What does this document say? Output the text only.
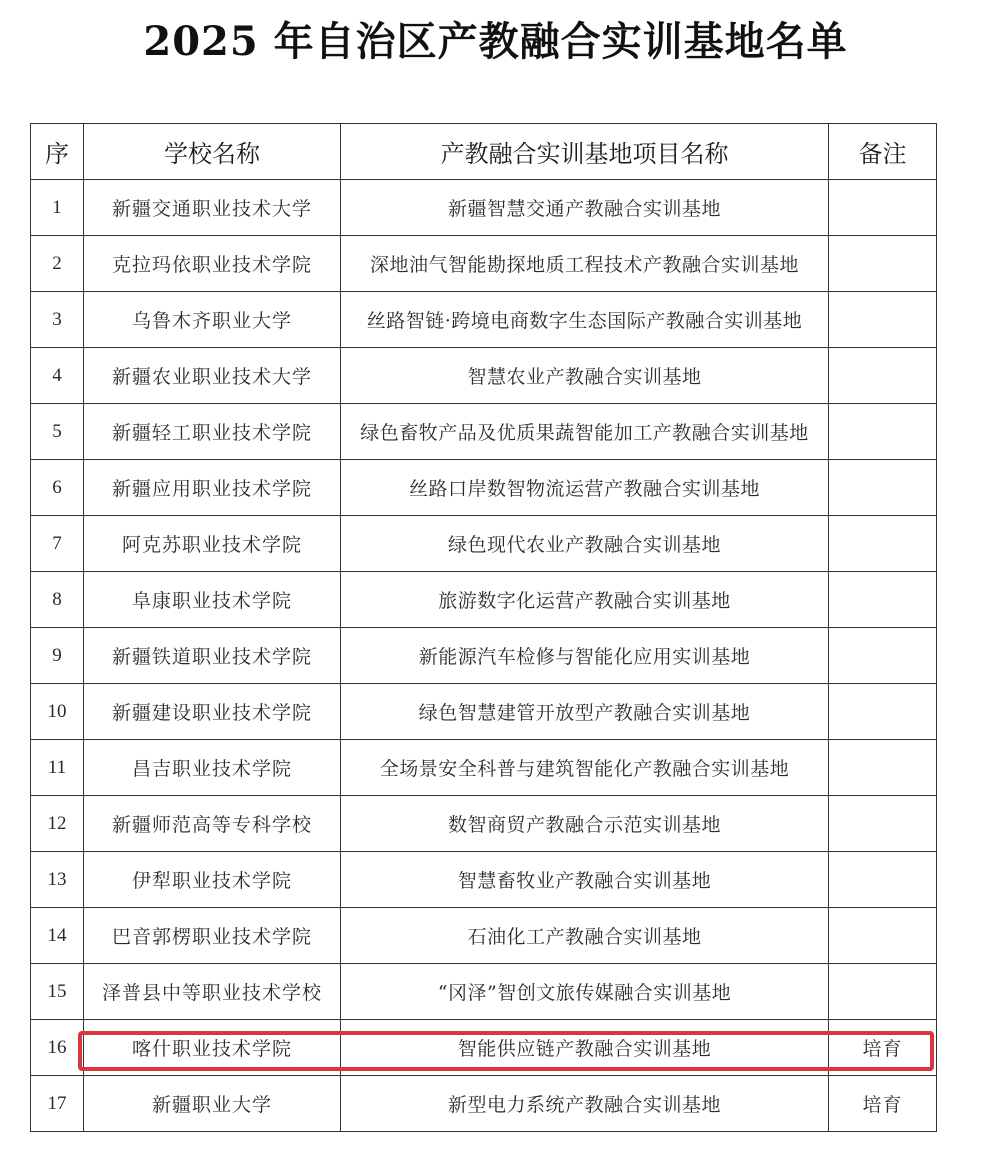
2025 年自治区产教融合实训基地名单
序	学校名称	产教融合实训基地项目名称	备注
1	新疆交通职业技术大学	新疆智慧交通产教融合实训基地	
2	克拉玛依职业技术学院	深地油气智能勘探地质工程技术产教融合实训基地	
3	乌鲁木齐职业大学	丝路智链·跨境电商数字生态国际产教融合实训基地	
4	新疆农业职业技术大学	智慧农业产教融合实训基地	
5	新疆轻工职业技术学院	绿色畜牧产品及优质果蔬智能加工产教融合实训基地	
6	新疆应用职业技术学院	丝路口岸数智物流运营产教融合实训基地	
7	阿克苏职业技术学院	绿色现代农业产教融合实训基地	
8	阜康职业技术学院	旅游数字化运营产教融合实训基地	
9	新疆铁道职业技术学院	新能源汽车检修与智能化应用实训基地	
10	新疆建设职业技术学院	绿色智慧建管开放型产教融合实训基地	
11	昌吉职业技术学院	全场景安全科普与建筑智能化产教融合实训基地	
12	新疆师范高等专科学校	数智商贸产教融合示范实训基地	
13	伊犁职业技术学院	智慧畜牧业产教融合实训基地	
14	巴音郭楞职业技术学院	石油化工产教融合实训基地	
15	泽普县中等职业技术学校	“冈泽”智创文旅传媒融合实训基地	
16	喀什职业技术学院	智能供应链产教融合实训基地	培育
17	新疆职业大学	新型电力系统产教融合实训基地	培育
